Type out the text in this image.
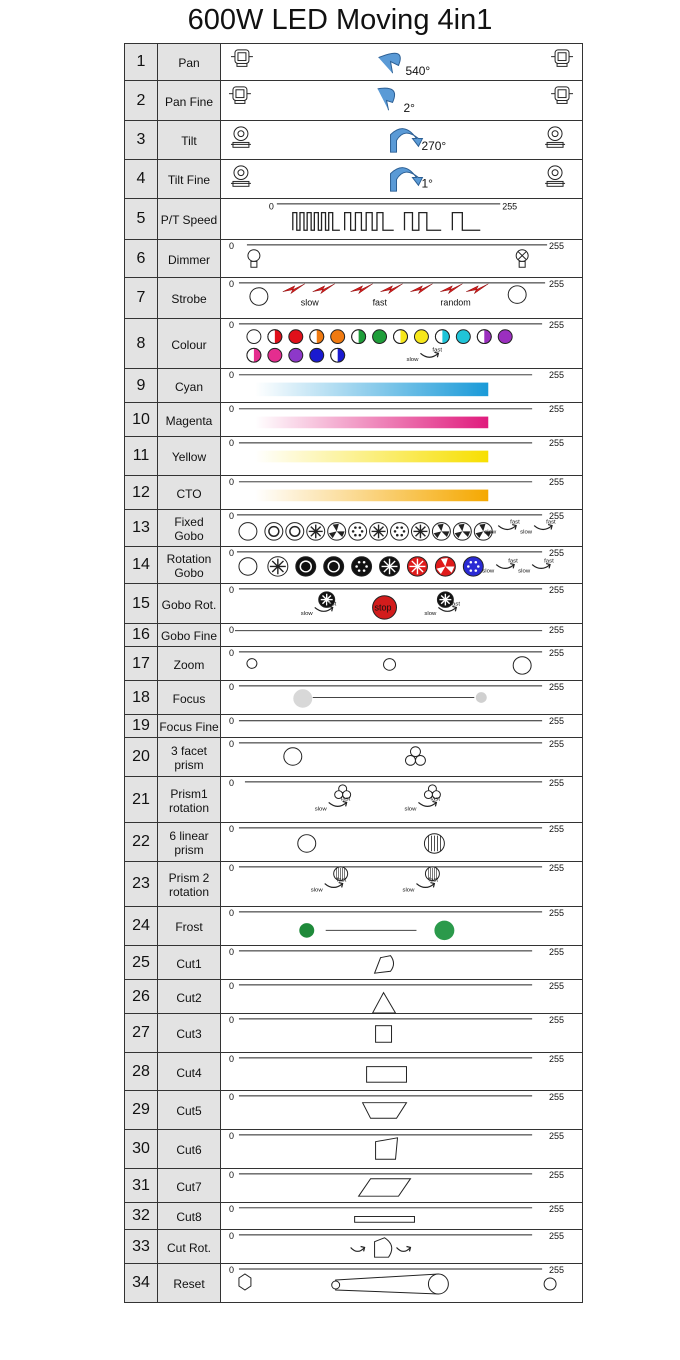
600W LED Moving 4in1
1	Pan
540°
2	Pan Fine	2°
3	Tilt	270°
4	Tilt Fine	1°
5	P/T Speed
0	255
6	Dimmer
0	255
7	Strobe
0	255
slow	fast	random
8	Colour
0	255
slow
fast
9	Cyan
0	255
10	Magenta
0	255
11	Yellow
0	255
12	CTO
0	255
13	Fixed
Gobo
0	255
slow
fast
slow
fast
14	Rotation
Gobo
0	255
slow
fast
slow
fast
15 Gobo Rot.
0	255
slow
fast	stop
slow
fast
16 Gobo Fine 0	255
17	Zoom
0	255
18	Focus
0	255
19 Focus Fine 0	255
20	3 facet
prism
0	255
21	Prism1
rotation
0	255
slow
fast
slow
fast
22	6 linear
prism
0	255
23	Prism 2
rotation
0	255
slow
fast
slow
fast
24	Frost
0	255
25	Cut1
0	255
26	Cut2
0	255
27	Cut3
0	255
28	Cut4
0	255
29	Cut5
0	255
30	Cut6
0	255
31	Cut7
0	255
32	Cut8
0	255
33	Cut Rot.
0	255
34	Reset
0	255
